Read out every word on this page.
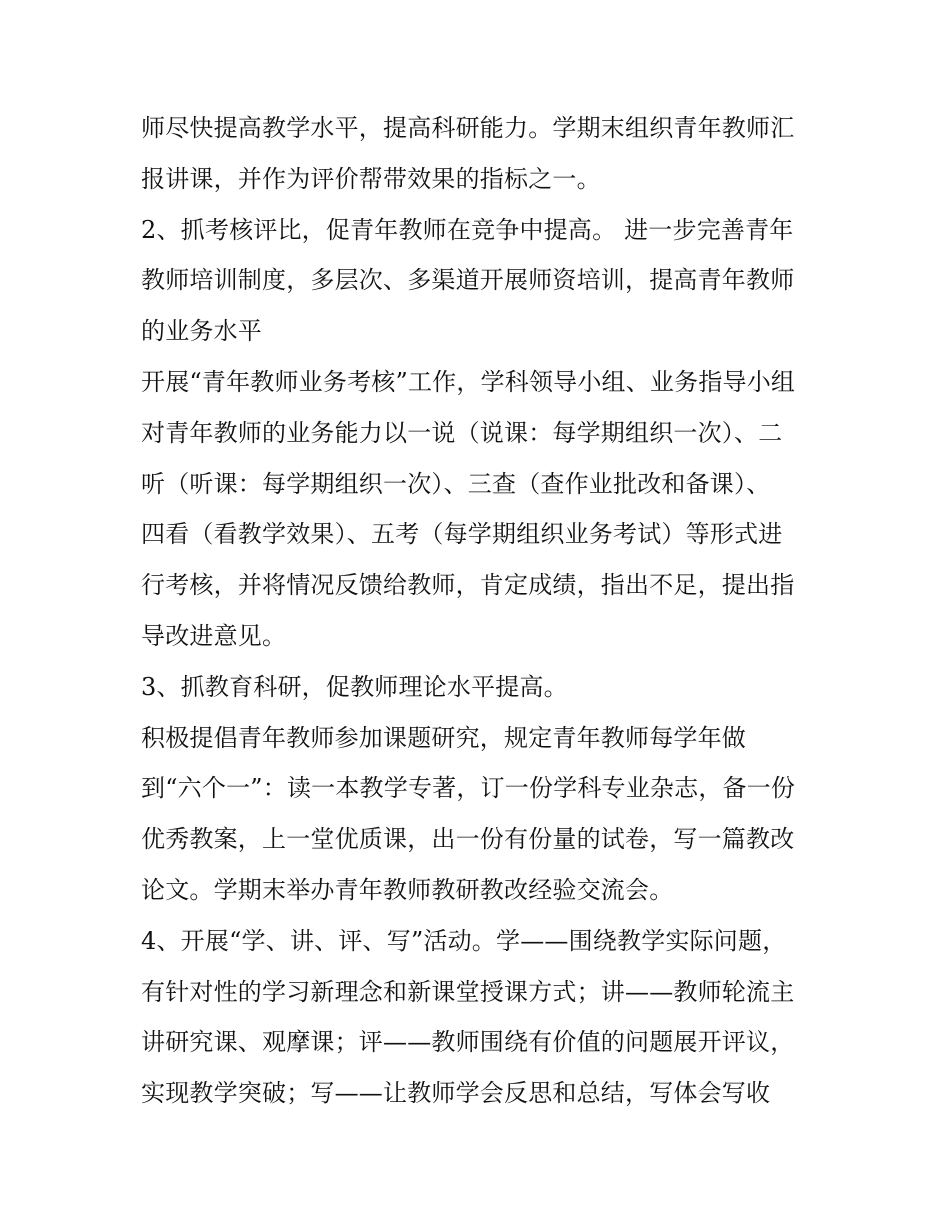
师尽快提高教学水平，提高科研能力。学期末组织青年教师汇
报讲课，并作为评价帮带效果的指标之一。
2、抓考核评比，促青年教师在竞争中提高。 进一步完善青年
教师培训制度，多层次、多渠道开展师资培训，提高青年教师
的业务水平
开展“青年教师业务考核”工作，学科领导小组、业务指导小组
对青年教师的业务能力以一说（说课：每学期组织一次）、二
听（听课：每学期组织一次）、三查（查作业批改和备课）、
四看（看教学效果）、五考（每学期组织业务考试）等形式进
行考核，并将情况反馈给教师，肯定成绩，指出不足，提出指
导改进意见。
3、抓教育科研，促教师理论水平提高。
积极提倡青年教师参加课题研究，规定青年教师每学年做
到“六个一”：读一本教学专著，订一份学科专业杂志，备一份
优秀教案，上一堂优质课，出一份有份量的试卷，写一篇教改
论文。学期末举办青年教师教研教改经验交流会。
4、开展“学、讲、评、写”活动。学——围绕教学实际问题，
有针对性的学习新理念和新课堂授课方式；讲——教师轮流主
讲研究课、观摩课；评——教师围绕有价值的问题展开评议，
实现教学突破；写——让教师学会反思和总结，写体会写收
